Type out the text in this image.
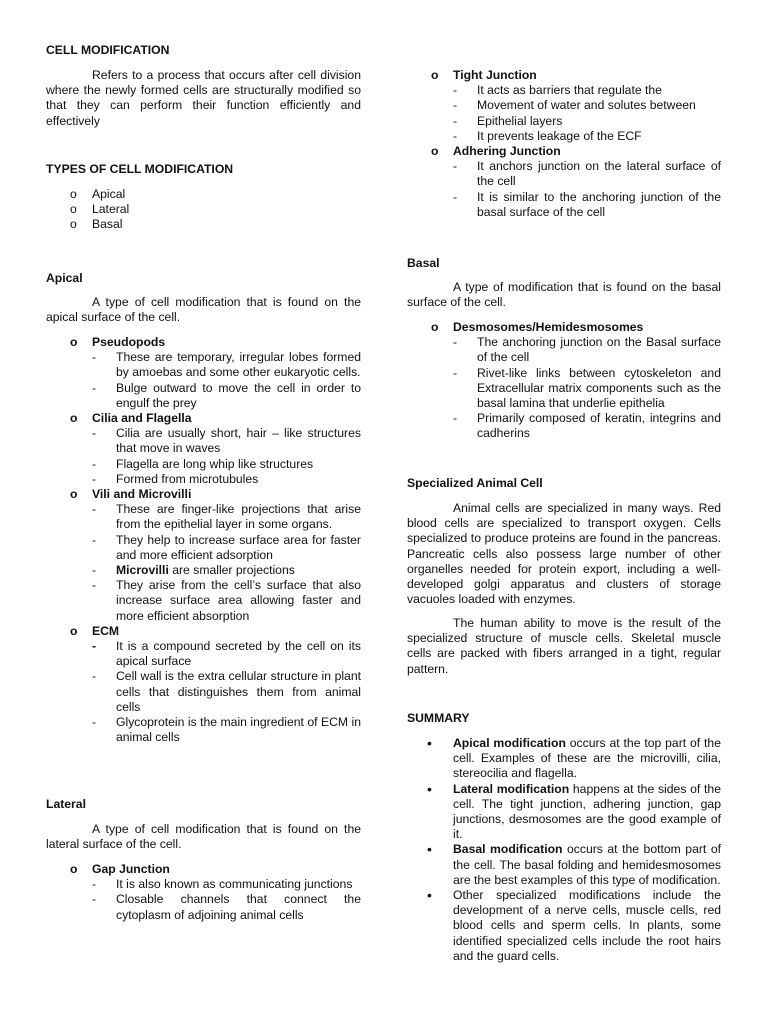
CELL MODIFICATION

Refers to a process that occurs after cell division where the newly formed cells are structurally modified so that they can perform their function efficiently and effectively

TYPES OF CELL MODIFICATION
o Apical
o Lateral
o Basal
Apical

A type of cell modification that is found on the apical surface of the cell.

o Pseudopods
- These are temporary, irregular lobes formed by amoebas and some other eukaryotic cells.
- Bulge outward to move the cell in order to engulf the prey
o Cilia and Flagella
- Cilia are usually short, hair – like structures that move in waves
- Flagella are long whip like structures
- Formed from microtubules
o Vili and Microvilli
- These are finger-like projections that arise from the epithelial layer in some organs.
- They help to increase surface area for faster and more efficient adsorption
- Microvilli are smaller projections
- They arise from the cell’s surface that also increase surface area allowing faster and more efficient absorption
o ECM
- It is a compound secreted by the cell on its apical surface
- Cell wall is the extra cellular structure in plant cells that distinguishes them from animal cells
- Glycoprotein is the main ingredient of ECM in animal cells
Lateral

A type of cell modification that is found on the lateral surface of the cell.

o Gap Junction
- It is also known as communicating junctions
- Closable channels that connect the cytoplasm of adjoining animal cells
o Tight Junction
- It acts as barriers that regulate the
- Movement of water and solutes between
- Epithelial layers
- It prevents leakage of the ECF
o Adhering Junction
- It anchors junction on the lateral surface of the cell
- It is similar to the anchoring junction of the basal surface of the cell
Basal

A type of modification that is found on the basal surface of the cell.

o Desmosomes/Hemidesmosomes
- The anchoring junction on the Basal surface of the cell
- Rivet-like links between cytoskeleton and Extracellular matrix components such as the basal lamina that underlie epithelia
- Primarily composed of keratin, integrins and cadherins
Specialized Animal Cell

Animal cells are specialized in many ways. Red blood cells are specialized to transport oxygen. Cells specialized to produce proteins are found in the pancreas. Pancreatic cells also possess large number of other organelles needed for protein export, including a well-developed golgi apparatus and clusters of storage vacuoles loaded with enzymes.

The human ability to move is the result of the specialized structure of muscle cells. Skeletal muscle cells are packed with fibers arranged in a tight, regular pattern.

SUMMARY
• Apical modification occurs at the top part of the cell. Examples of these are the microvilli, cilia, stereocilia and flagella.
• Lateral modification happens at the sides of the cell. The tight junction, adhering junction, gap junctions, desmosomes are the good example of it.
• Basal modification occurs at the bottom part of the cell. The basal folding and hemidesmosomes are the best examples of this type of modification.
• Other specialized modifications include the development of a nerve cells, muscle cells, red blood cells and sperm cells. In plants, some identified specialized cells include the root hairs and the guard cells.
